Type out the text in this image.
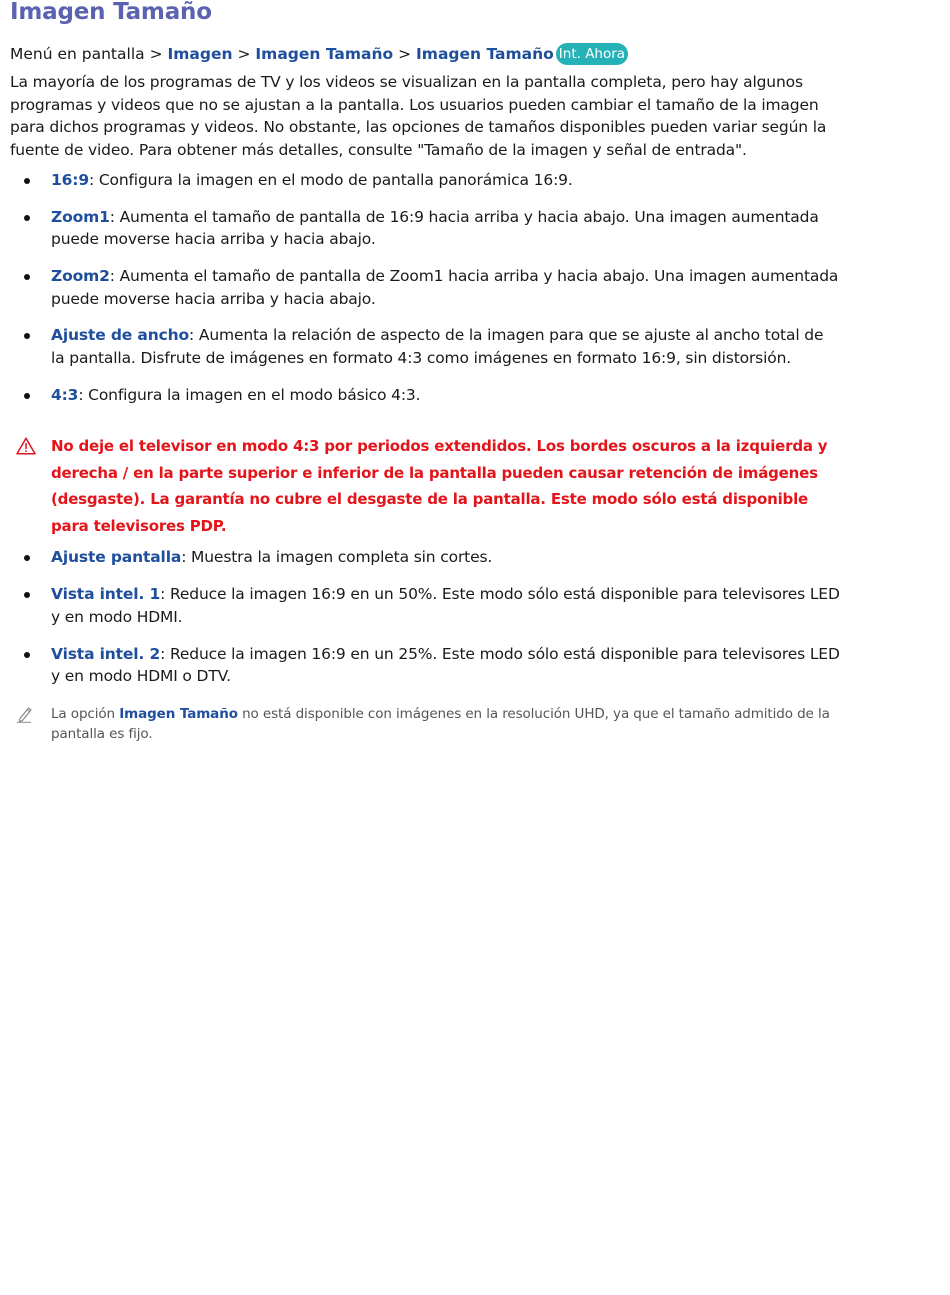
Imagen Tamaño
Menú en pantalla > Imagen > Imagen Tamaño > Imagen Tamaño Int. Ahora

La mayoría de los programas de TV y los videos se visualizan en la pantalla completa, pero hay algunos programas y videos que no se ajustan a la pantalla. Los usuarios pueden cambiar el tamaño de la imagen para dichos programas y videos. No obstante, las opciones de tamaños disponibles pueden variar según la fuente de video. Para obtener más detalles, consulte "Tamaño de la imagen y señal de entrada".

16:9: Configura la imagen en el modo de pantalla panorámica 16:9.
Zoom1: Aumenta el tamaño de pantalla de 16:9 hacia arriba y hacia abajo. Una imagen aumentada puede moverse hacia arriba y hacia abajo.
Zoom2: Aumenta el tamaño de pantalla de Zoom1 hacia arriba y hacia abajo. Una imagen aumentada puede moverse hacia arriba y hacia abajo.
Ajuste de ancho: Aumenta la relación de aspecto de la imagen para que se ajuste al ancho total de la pantalla. Disfrute de imágenes en formato 4:3 como imágenes en formato 16:9, sin distorsión.
4:3: Configura la imagen en el modo básico 4:3.
No deje el televisor en modo 4:3 por periodos extendidos. Los bordes oscuros a la izquierda y derecha / en la parte superior e inferior de la pantalla pueden causar retención de imágenes (desgaste). La garantía no cubre el desgaste de la pantalla. Este modo sólo está disponible para televisores PDP.
Ajuste pantalla: Muestra la imagen completa sin cortes.
Vista intel. 1: Reduce la imagen 16:9 en un 50%. Este modo sólo está disponible para televisores LED y en modo HDMI.
Vista intel. 2: Reduce la imagen 16:9 en un 25%. Este modo sólo está disponible para televisores LED y en modo HDMI o DTV.
La opción Imagen Tamaño no está disponible con imágenes en la resolución UHD, ya que el tamaño admitido de la pantalla es fijo.
